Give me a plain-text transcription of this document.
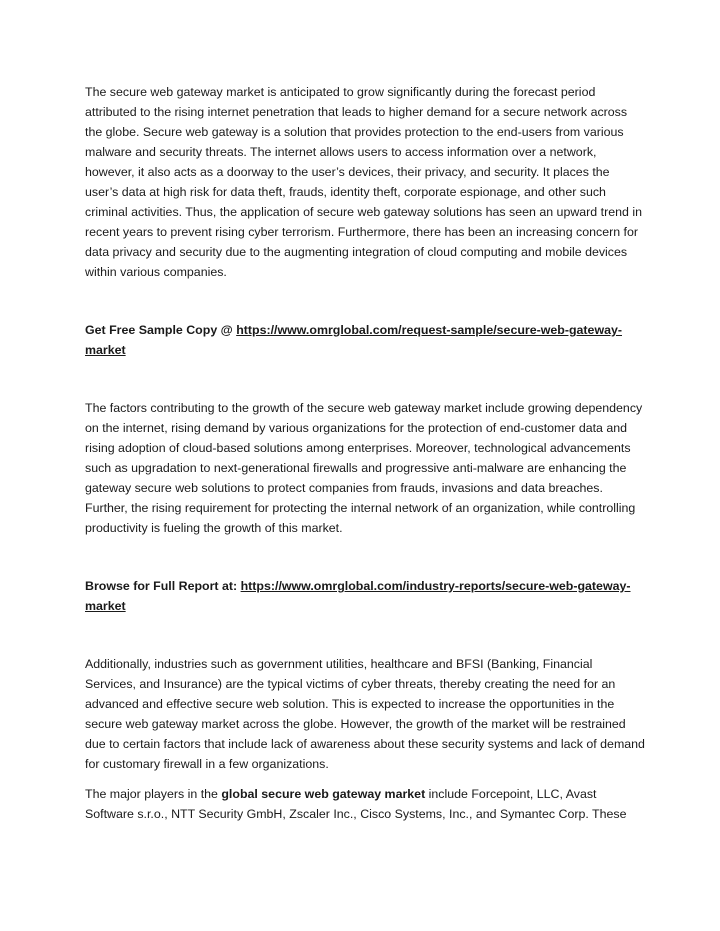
The secure web gateway market is anticipated to grow significantly during the forecast period attributed to the rising internet penetration that leads to higher demand for a secure network across the globe. Secure web gateway is a solution that provides protection to the end-users from various malware and security threats. The internet allows users to access information over a network, however, it also acts as a doorway to the user’s devices, their privacy, and security. It places the user’s data at high risk for data theft, frauds, identity theft, corporate espionage, and other such criminal activities. Thus, the application of secure web gateway solutions has seen an upward trend in recent years to prevent rising cyber terrorism. Furthermore, there has been an increasing concern for data privacy and security due to the augmenting integration of cloud computing and mobile devices within various companies.

Get Free Sample Copy @ https://www.omrglobal.com/request-sample/secure-web-gateway-market

The factors contributing to the growth of the secure web gateway market include growing dependency on the internet, rising demand by various organizations for the protection of end-customer data and rising adoption of cloud-based solutions among enterprises. Moreover, technological advancements such as upgradation to next-generational firewalls and progressive anti-malware are enhancing the gateway secure web solutions to protect companies from frauds, invasions and data breaches. Further, the rising requirement for protecting the internal network of an organization, while controlling productivity is fueling the growth of this market.

Browse for Full Report at: https://www.omrglobal.com/industry-reports/secure-web-gateway-market

Additionally, industries such as government utilities, healthcare and BFSI (Banking, Financial Services, and Insurance) are the typical victims of cyber threats, thereby creating the need for an advanced and effective secure web solution. This is expected to increase the opportunities in the secure web gateway market across the globe. However, the growth of the market will be restrained due to certain factors that include lack of awareness about these security systems and lack of demand for customary firewall in a few organizations.

The major players in the global secure web gateway market include Forcepoint, LLC, Avast Software s.r.o., NTT Security GmbH, Zscaler Inc., Cisco Systems, Inc., and Symantec Corp. These
